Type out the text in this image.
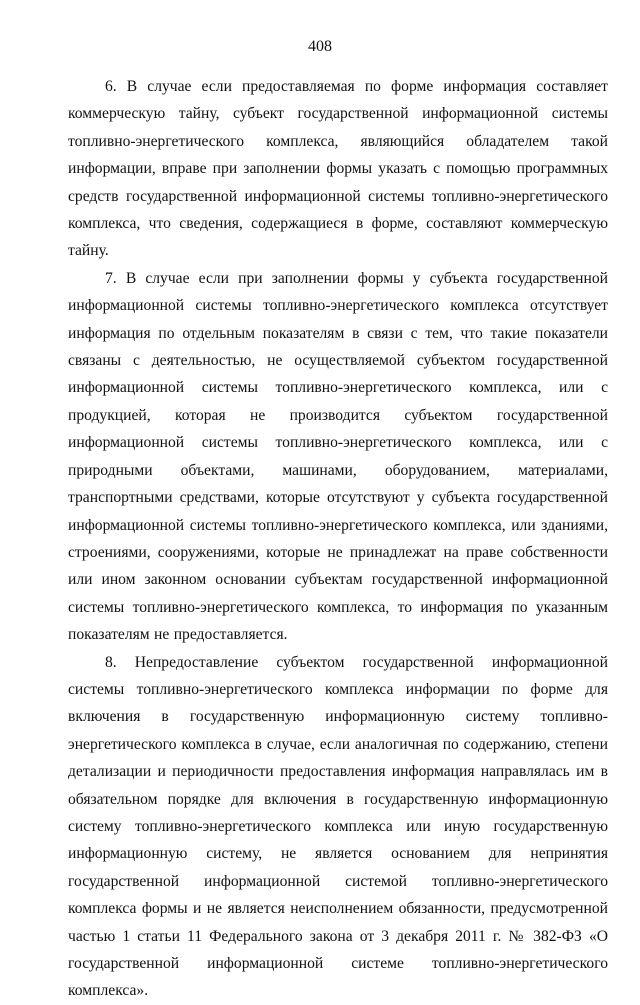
408

6. В случае если предоставляемая по форме информация составляет коммерческую тайну, субъект государственной информационной системы топливно-энергетического комплекса, являющийся обладателем такой информации, вправе при заполнении формы указать с помощью программных средств государственной информационной системы топливно-энергетического комплекса, что сведения, содержащиеся в форме, составляют коммерческую тайну.

7. В случае если при заполнении формы у субъекта государственной информационной системы топливно-энергетического комплекса отсутствует информация по отдельным показателям в связи с тем, что такие показатели связаны с деятельностью, не осуществляемой субъектом государственной информационной системы топливно-энергетического комплекса, или с продукцией, которая не производится субъектом государственной информационной системы топливно-энергетического комплекса, или с природными объектами, машинами, оборудованием, материалами, транспортными средствами, которые отсутствуют у субъекта государственной информационной системы топливно-энергетического комплекса, или зданиями, строениями, сооружениями, которые не принадлежат на праве собственности или ином законном основании субъектам государственной информационной системы топливно-энергетического комплекса, то информация по указанным показателям не предоставляется.

8. Непредоставление субъектом государственной информационной системы топливно-энергетического комплекса информации по форме для включения в государственную информационную систему топливно-энергетического комплекса в случае, если аналогичная по содержанию, степени детализации и периодичности предоставления информация направлялась им в обязательном порядке для включения в государственную информационную систему топливно-энергетического комплекса или иную государственную информационную систему, не является основанием для непринятия государственной информационной системой топливно-энергетического комплекса формы и не является неисполнением обязанности, предусмотренной частью 1 статьи 11 Федерального закона от 3 декабря 2011 г. № 382-ФЗ «О государственной информационной системе топливно-энергетического комплекса».
